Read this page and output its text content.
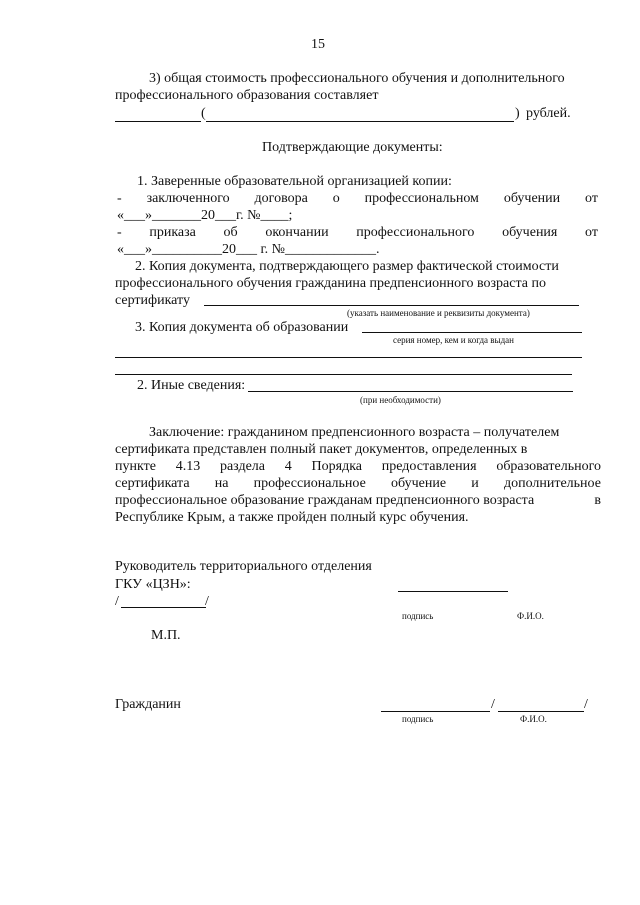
15
3) общая стоимость профессионального обучения и дополнительного
профессионального образования составляет
(	) рублей.
Подтверждающие документы:
1. Заверенные образовательной организацией копии:
- заключенного договора о профессиональном обучении от
«___»_______20___г. №____;
- приказа об окончании профессионального обучения от
«___»__________20___ г. №_____________.
2. Копия документа, подтверждающего размер фактической стоимости
профессионального обучения гражданина предпенсионного возраста по
сертификату
(указать наименование и реквизиты документа)
3. Копия документа об образовании
серия номер, кем и когда выдан
2. Иные сведения:
(при необходимости)
Заключение: гражданином предпенсионного возраста – получателем
сертификата представлен полный пакет документов, определенных в
пункте 4.13 раздела 4 Порядка предоставления образовательного
сертификата на профессиональное обучение и дополнительное
профессиональное образование гражданам предпенсионного возраста	в
Республике Крым, а также пройден полный курс обучения.
Руководитель территориального отделения
ГКУ «ЦЗН»:
/	/
подпись	Ф.И.О.
М.П.
Гражданин	/	/
подпись	Ф.И.О.
